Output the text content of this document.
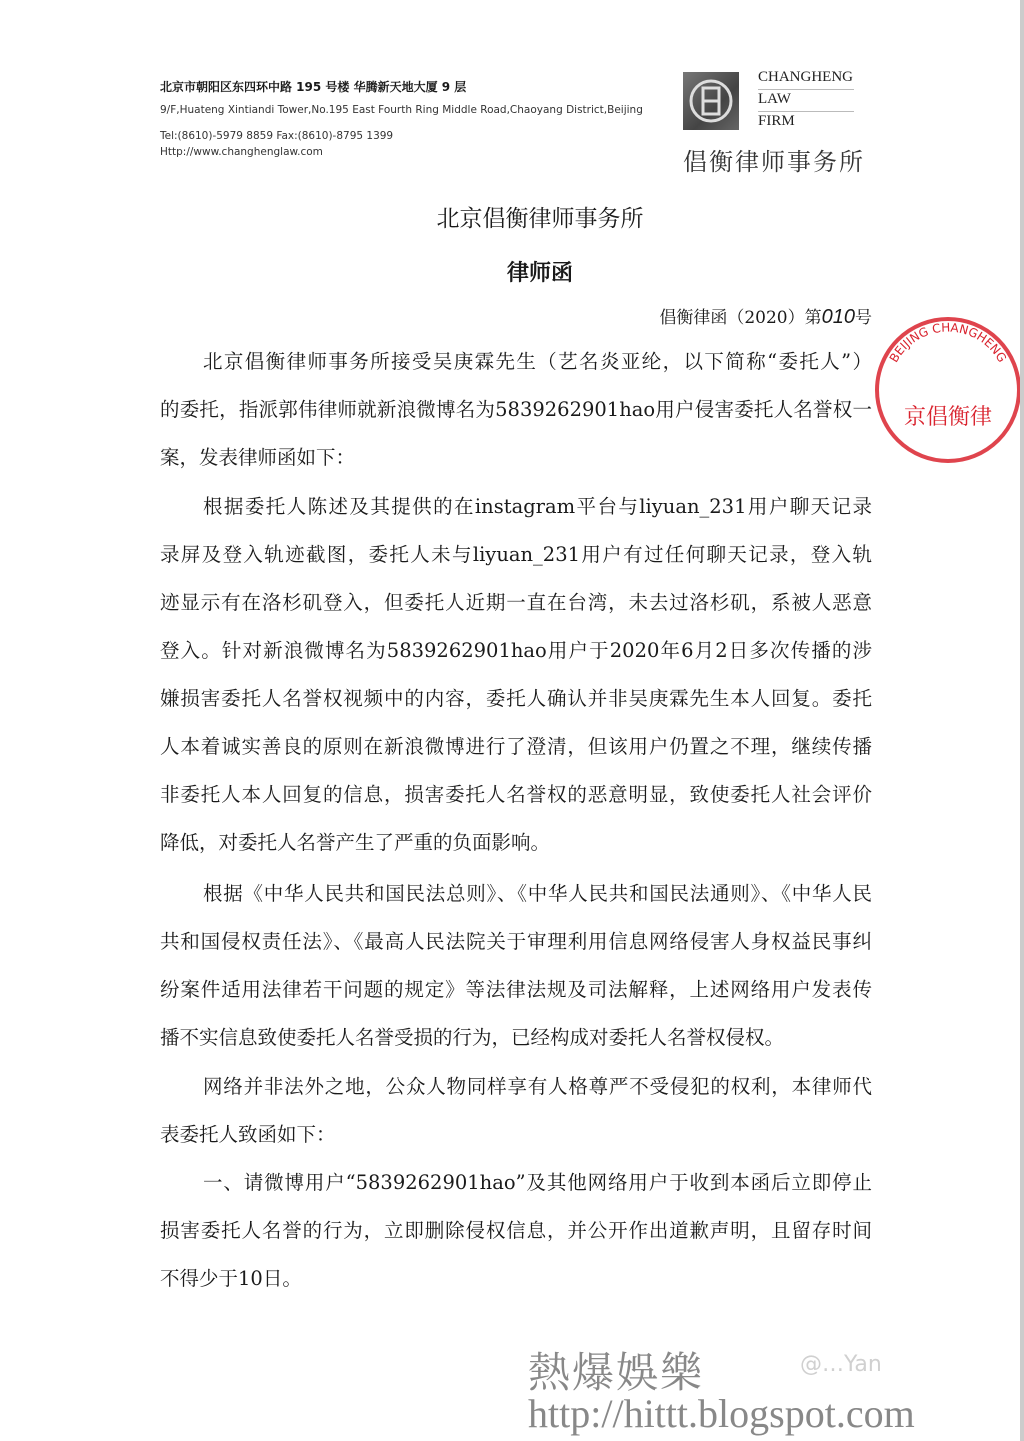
北京市朝阳区东四环中路 195 号楼 华腾新天地大厦 9 层
9/F,Huateng Xintiandi Tower,No.195 East Fourth Ring Middle Road,Chaoyang District,Beijing
Tel:(8610)-5979 8859 Fax:(8610)-8795 1399
Http://www.changhenglaw.com
CHANGHENG
LAW
FIRM
倡衡律师事务所
北京倡衡律师事务所
律师函
倡衡律函（2020）第010号
北京倡衡律师事务所接受吴庚霖先生（艺名炎亚纶，以下简称“委托人”）
的委托，指派郭伟律师就新浪微博名为5839262901hao用户侵害委托人名誉权一
案，发表律师函如下：
根据委托人陈述及其提供的在instagram平台与liyuan_231用户聊天记录
录屏及登入轨迹截图，委托人未与liyuan_231用户有过任何聊天记录，登入轨
迹显示有在洛杉矶登入，但委托人近期一直在台湾，未去过洛杉矶，系被人恶意
登入。针对新浪微博名为5839262901hao用户于2020年6月2日多次传播的涉
嫌损害委托人名誉权视频中的内容，委托人确认并非吴庚霖先生本人回复。委托
人本着诚实善良的原则在新浪微博进行了澄清，但该用户仍置之不理，继续传播
非委托人本人回复的信息，损害委托人名誉权的恶意明显，致使委托人社会评价
降低，对委托人名誉产生了严重的负面影响。
根据《中华人民共和国民法总则》、《中华人民共和国民法通则》、《中华人民
共和国侵权责任法》、《最高人民法院关于审理利用信息网络侵害人身权益民事纠
纷案件适用法律若干问题的规定》等法律法规及司法解释，上述网络用户发表传
播不实信息致使委托人名誉受损的行为，已经构成对委托人名誉权侵权。
网络并非法外之地，公众人物同样享有人格尊严不受侵犯的权利，本律师代
表委托人致函如下：
一、请微博用户“5839262901hao”及其他网络用户于收到本函后立即停止
损害委托人名誉的行为，立即删除侵权信息，并公开作出道歉声明，且留存时间
不得少于10日。
BEIJING CHANGHENG
京倡衡律
@…Yan
熱爆娛樂
http://hittt.blogspot.com
